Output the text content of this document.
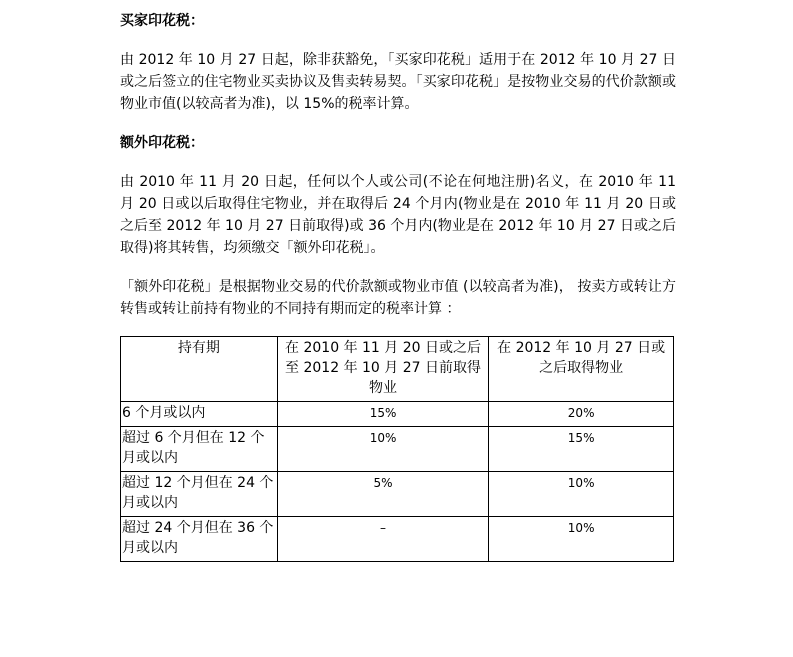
买家印花税：

由 2012 年 10 月 27 日起，除非获豁免，「买家印花税」适用于在 2012 年 10 月 27 日或之后签立的住宅物业买卖协议及售卖转易契。「买家印花税」是按物业交易的代价款额或物业市值(以较高者为准)，以 15%的税率计算。

额外印花税：

由 2010 年 11 月 20 日起，任何以个人或公司(不论在何地注册)名义，在 2010 年 11 月 20 日或以后取得住宅物业，并在取得后 24 个月内(物业是在 2010 年 11 月 20 日或之后至 2012 年 10 月 27 日前取得)或 36 个月内(物业是在 2012 年 10 月 27 日或之后取得)将其转售，均须缴交「额外印花税」。

「额外印花税」是根据物业交易的代价款额或物业市值 (以较高者为准)， 按卖方或转让方转售或转让前持有物业的不同持有期而定的税率计算 ：

持有期	在 2010 年 11 月 20 日或之后至 2012 年 10 月 27 日前取得物业	在 2012 年 10 月 27 日或之后取得物业
6 个月或以内	15%	20%
超过 6 个月但在 12 个月或以内	10%	15%
超过 12 个月但在 24 个月或以内	5%	10%
超过 24 个月但在 36 个月或以内	–	10%
